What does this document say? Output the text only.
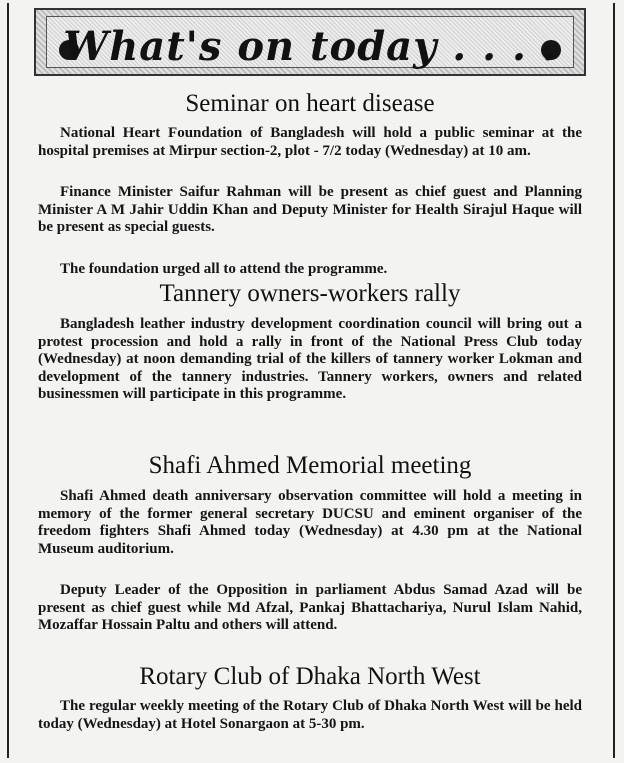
What's on today . . . .
Seminar on heart disease

National Heart Foundation of Bangladesh will hold a public seminar at the hospital premises at Mirpur section-2, plot - 7/2 today (Wednesday) at 10 am.

Finance Minister Saifur Rahman will be present as chief guest and Planning Minister A M Jahir Uddin Khan and Deputy Minister for Health Sirajul Haque will be present as special guests.

The foundation urged all to attend the programme.

Tannery owners-workers rally

Bangladesh leather industry development coordination council will bring out a protest procession and hold a rally in front of the National Press Club today (Wednesday) at noon demanding trial of the killers of tannery worker Lokman and development of the tannery industries. Tannery workers, owners and related businessmen will participate in this programme.

Shafi Ahmed Memorial meeting

Shafi Ahmed death anniversary observation committee will hold a meeting in memory of the former general secretary DUCSU and eminent organiser of the freedom fighters Shafi Ahmed today (Wednesday) at 4.30 pm at the National Museum auditorium.

Deputy Leader of the Opposition in parliament Abdus Samad Azad will be present as chief guest while Md Afzal, Pankaj Bhattachariya, Nurul Islam Nahid, Mozaffar Hossain Paltu and others will attend.

Rotary Club of Dhaka North West

The regular weekly meeting of the Rotary Club of Dhaka North West will be held today (Wednesday) at Hotel Sonargaon at 5-30 pm.
